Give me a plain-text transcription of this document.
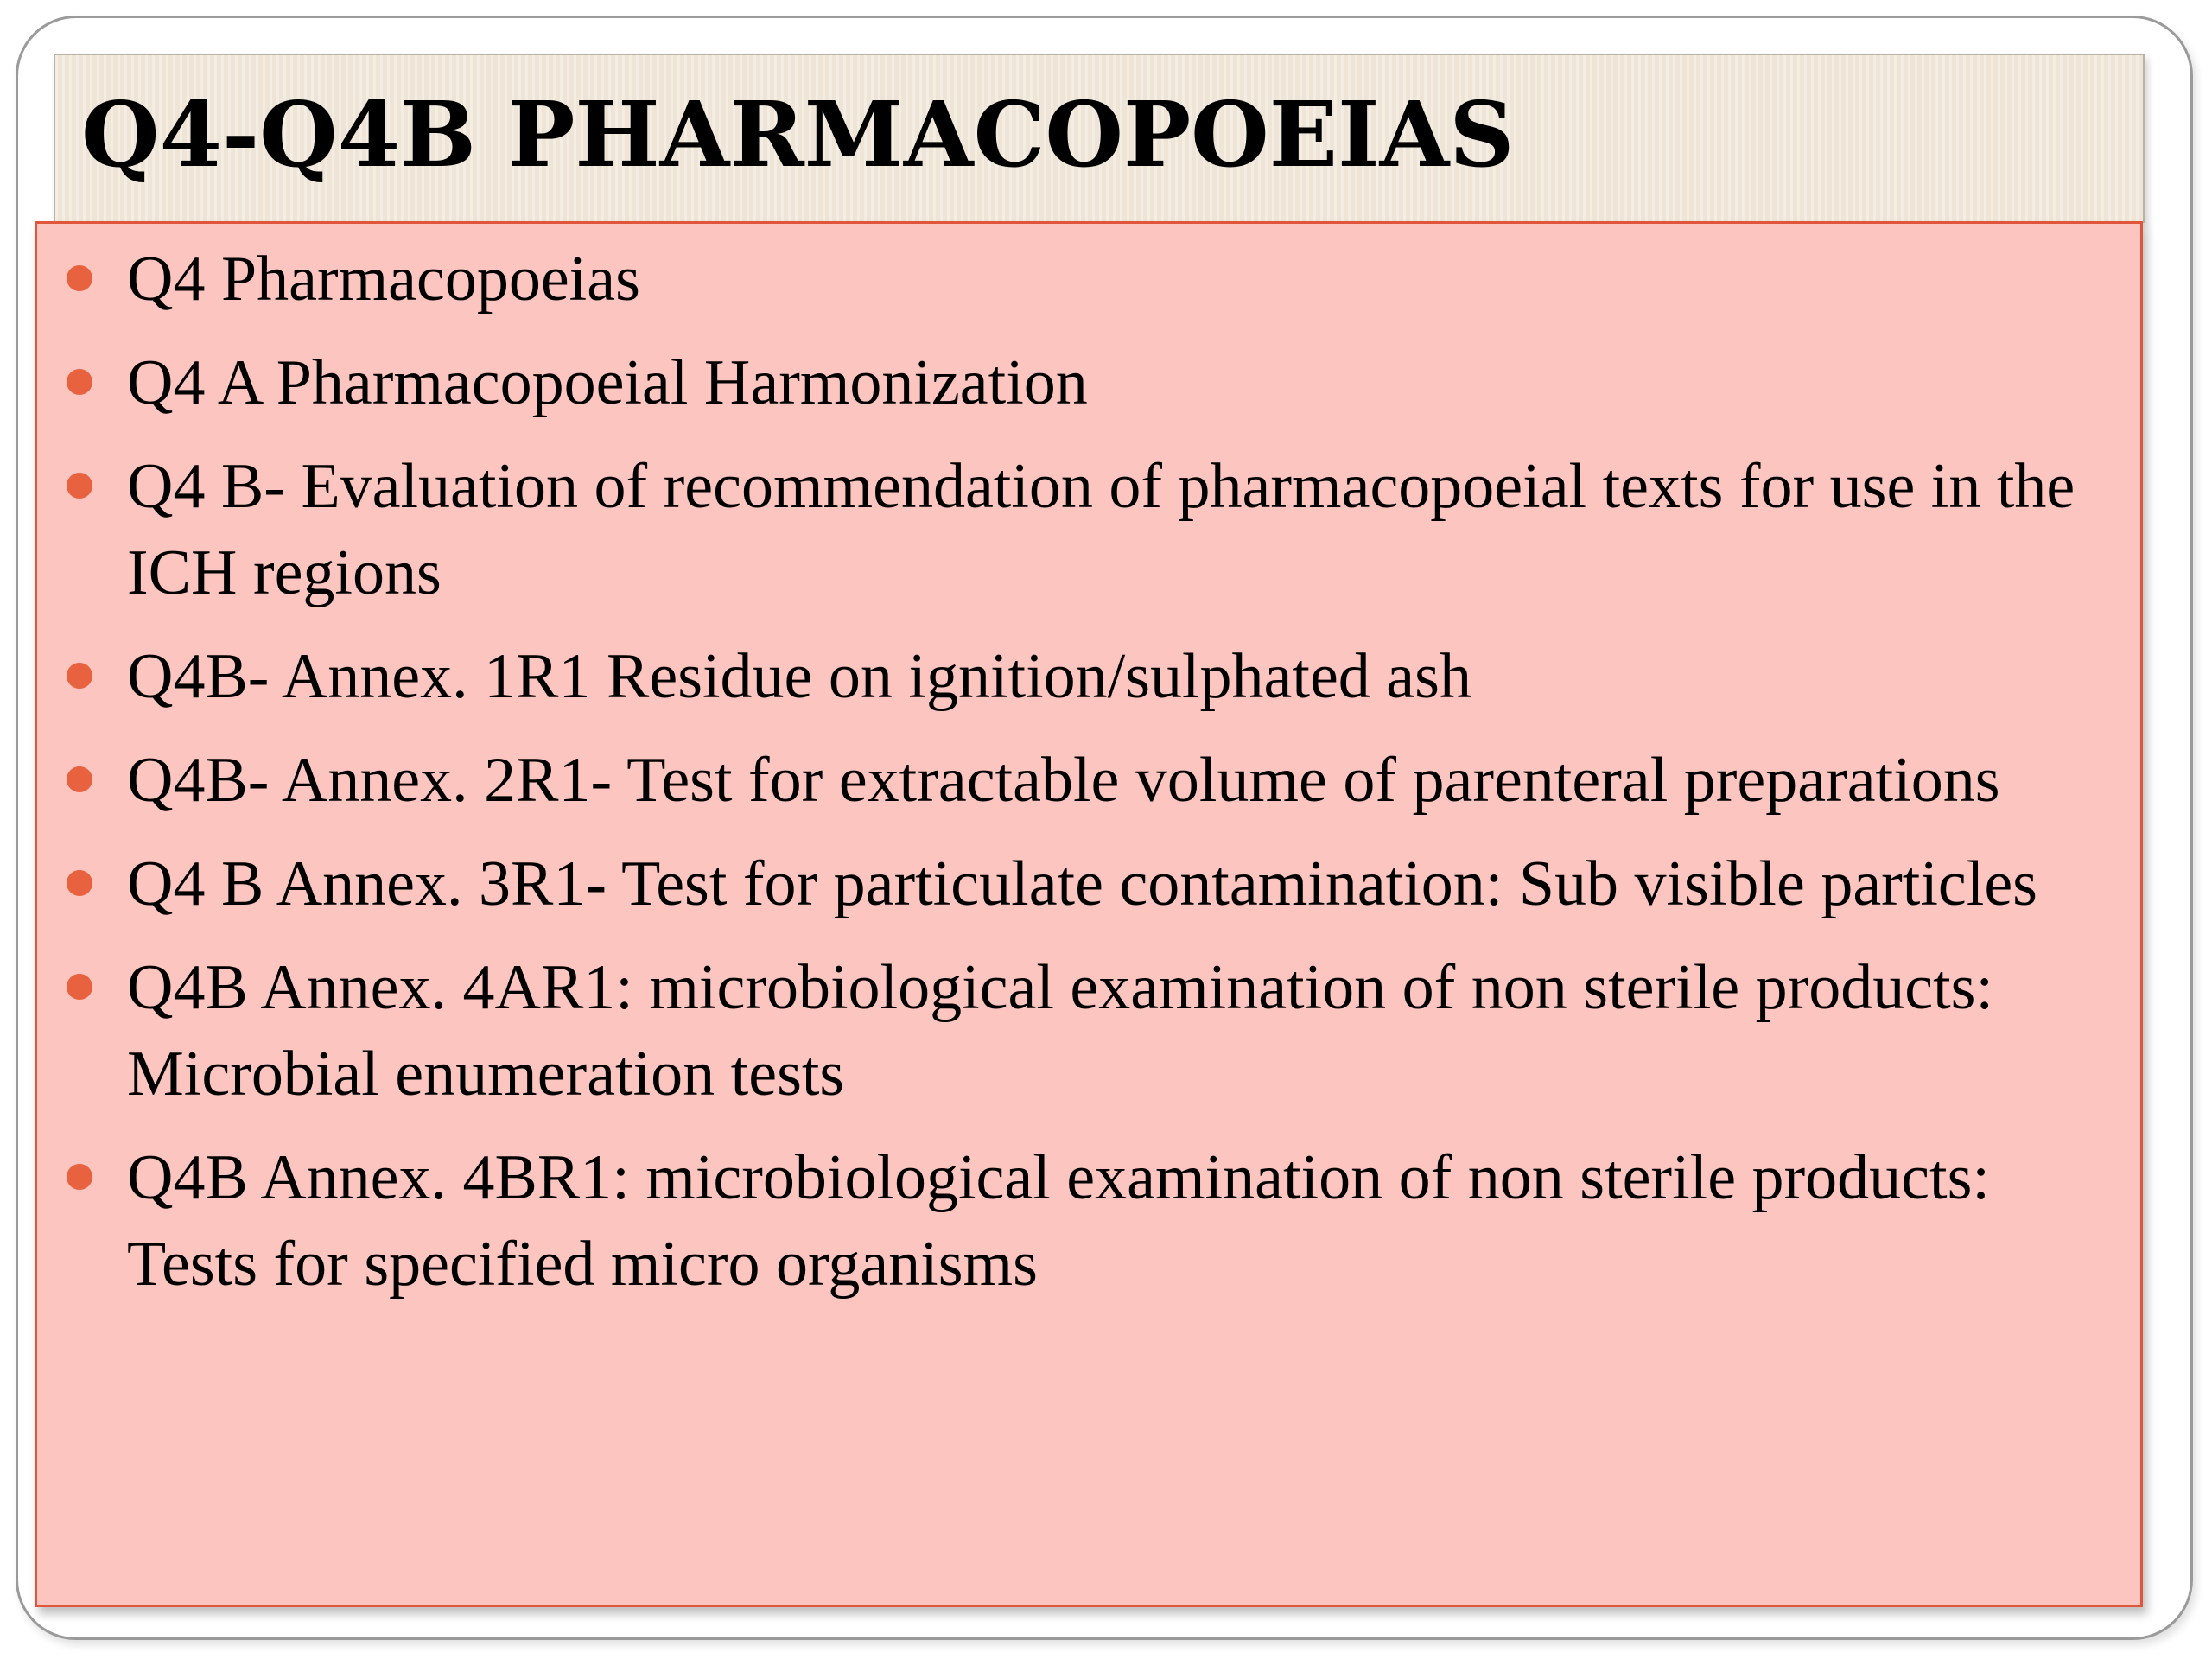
Q4-Q4B PHARMACOPOEIAS
Q4 Pharmacopoeias
Q4 A Pharmacopoeial Harmonization
Q4 B- Evaluation of recommendation of pharmacopoeial texts for use in the ICH regions
Q4B- Annex. 1R1 Residue on ignition/sulphated ash
Q4B- Annex. 2R1- Test for extractable volume of parenteral preparations
Q4 B Annex. 3R1- Test for particulate contamination: Sub visible particles
Q4B Annex. 4AR1: microbiological examination of non sterile products: Microbial enumeration tests
Q4B Annex. 4BR1: microbiological examination of non sterile products: Tests for specified micro organisms
